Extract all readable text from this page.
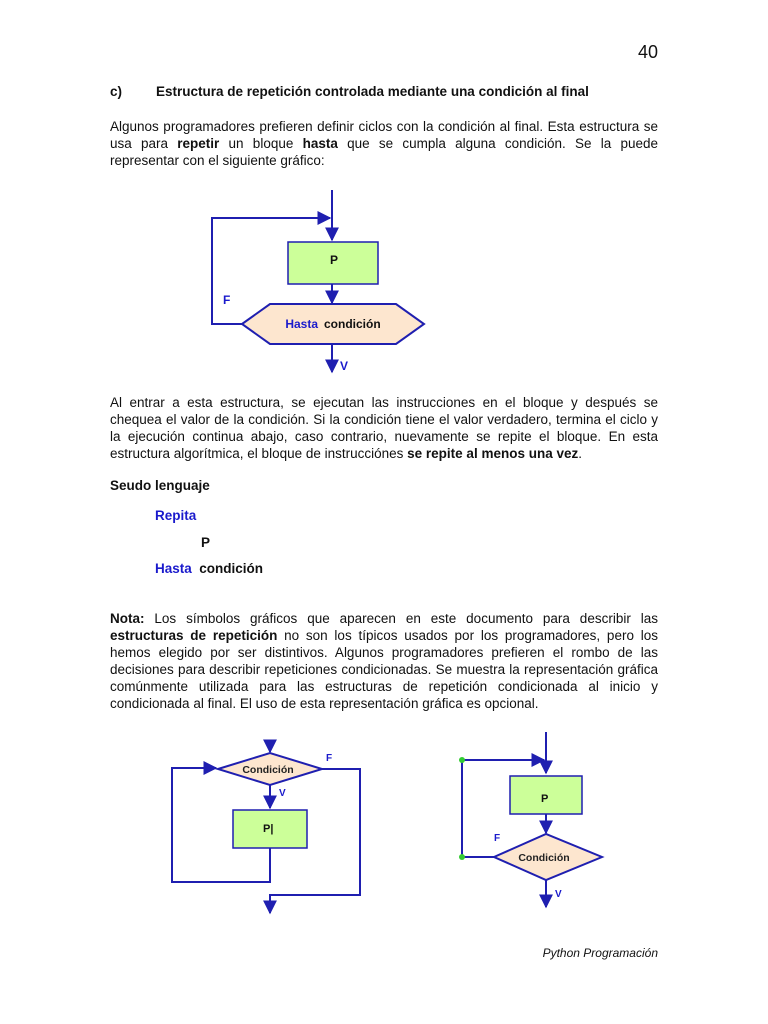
40
c)	Estructura de repetición controlada mediante una condición al final

Algunos programadores prefieren definir ciclos con la condición al final. Esta estructura se usa para repetir un bloque hasta que se cumpla alguna condición. Se la puede representar con el siguiente gráfico:

P
Hasta condición
F
V

Al entrar a esta estructura, se ejecutan las instrucciones en el bloque y después se chequea el valor de la condición. Si la condición tiene el valor verdadero, termina el ciclo y la ejecución continua abajo, caso contrario, nuevamente se repite el bloque. En esta estructura algorítmica, el bloque de instrucciónes se repite al menos una vez.

Seudo lenguaje
Repita
P
Hasta condición

Nota: Los símbolos gráficos que aparecen en este documento para describir las estructuras de repetición no son los típicos usados por los programadores, pero los hemos elegido por ser distintivos. Algunos programadores prefieren el rombo de las decisiones para describir repeticiones condicionadas. Se muestra la representación gráfica comúnmente utilizada para las estructuras de repetición condicionada al inicio y condicionada al final. El uso de esta representación gráfica es opcional.

Condición
V
P|
F
P
Condición
F
V
Python Programación
